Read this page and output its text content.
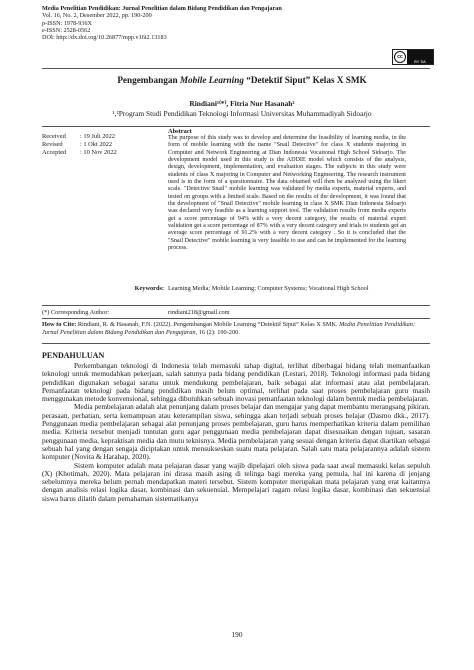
Media Penelitian Pendidikan: Jurnal Penelitian dalam Bidang Pendidikan dan Pengajaran
Vol. 16, No. 2, Desember 2022, pp. 190-200
p-ISSN: 1978-936X
e-ISSN: 2528-0562
DOI: http://dx.doi.org/10.26877/mpp.v16i2.13183
cc
BY SA
Pengembangan Mobile Learning “Detektif Siput” Kelas X SMK
Rindiani¹⁽*⁾, Fitria Nur Hasanah²
¹,²Program Studi Pendidikan Teknologi Informasi Universitas Muhammadiyah Sidoarjo
Received	: 19 Juli 2022
Revised	: 1 Okt 2022
Accepted	: 10 Nov 2022
Abstract
The purpose of this study was to develop and determine the feasibility of learning media, in the form of mobile learning with the name "Snail Detective" for class X students majoring in Computer and Network Engineering at Dian Indonesia Vocational High School Sidoarjo. The development model used in this study is the ADDIE model which consists of the analysis, design, development, implementation, and evaluation stages. The subjects in this study were students of class X majoring in Computer and Networking Engineering. The research instrument used is in the form of a questionnaire. The data obtained will then be analyzed using the likert scale. "Detective Snail" mobile learning was validated by media experts, material experts, and tested on groups with a limited scale. Based on the results of the development, it was found that the development of "Snail Detective" mobile learning in class X SMK Dian Indonesia Sidoarjo was declared very feasible as a learning support tool. The validation results from media experts get a score percentage of 94% with a very decent category, the results of material expert validation get a score percentage of 87% with a very decent category and trials to students get an average score percentage of 91.2% with a very decent category . So it is concluded that the "Snail Detective" mobile learning is very feasible to use and can be implemented for the learning process.
Keywords: Learning Media; Mobile Learning; Computer Systems; Vocational High School
(*) Corresponding Author:	rindiani218@gmail.com
How to Cite: Rindiani, R. & Hasanah, F.N. (2022). Pengembangan Mobile Learning “Detektif Siput” Kelas X SMK. Media Penelitian Pendidikan: Jurnal Penelitian dalam Bidang Pendidikan dan Pengajaran, 16 (2): 190-200.
PENDAHULUAN

Perkembangan teknologi di Indonesia telah memasuki tahap digital, terlihat diberbagai bidang telah memanfaatkan teknologi untuk memudahkan pekerjaan, salah satunya pada bidang pendidikan (Lestari, 2018). Teknologi informasi pada bidang pendidikan digunakan sebagai sarana untuk mendukung pembelajaran, baik sebagai alat informasi atau alat pembelajaran. Pemanfaatan teknologi pada bidang pendidikan masih belum optimal, terlihat pada saat proses pembelajaran guru masih menggunakan metode konvensional, sehingga dibutuhkan sebuah inovasi pemanfaatan teknologi dalam bentuk media pembelajaran.

Media pembelajaran adalah alat penunjang dalam proses belajar dan mengajar yang dapat membantu merangsang pikiran, perasaan, perhatian, serta kemampuan atau keterampilan siswa, sehingga akan terjadi sebuah proses belajar (Dasmo dkk., 2017). Penggunaan media pembelajaran sebagai alat penunjang proses pembelajaran, guru harus memperhatikan kriteria dalam pemilihan media. Kriteria tersebut menjadi tuntutan guru agar penggunaan media pembelajaran dapat disesuaikan dengan tujuan, sasaran penggunaan media, kepraktisan media dan mutu teknisnya. Media pembelajaran yang sesuai dengan kriteria dapat diartikan sebagai sebuah hal yang dengan sengaja diciptakan untuk mensukseskan suatu mata pelajaran. Salah satu mata pelajarannya adalah sistem komputer (Novita & Harahap, 2020).

Sistem komputer adalah mata pelajaran dasar yang wajib dipelajari oleh siswa pada saat awal memasuki kelas sepuluh (X) (Khotimah, 2020). Mata pelajaran ini dirasa masih asing di telinga bagi mereka yang pemula, hal ini karena di jenjang sebelumnya mereka belum pernah mendapatkan materi tersebut. Sistem komputer merupakan mata pelajaran yang erat kaitannya dengan analisis relasi logika dasar, kombinasi dan sekuensial. Mempelajari ragam relasi logika dasar, kombinasi dan sekuensial siswa harus dilatih dalam pemahaman sistematikanya

190
